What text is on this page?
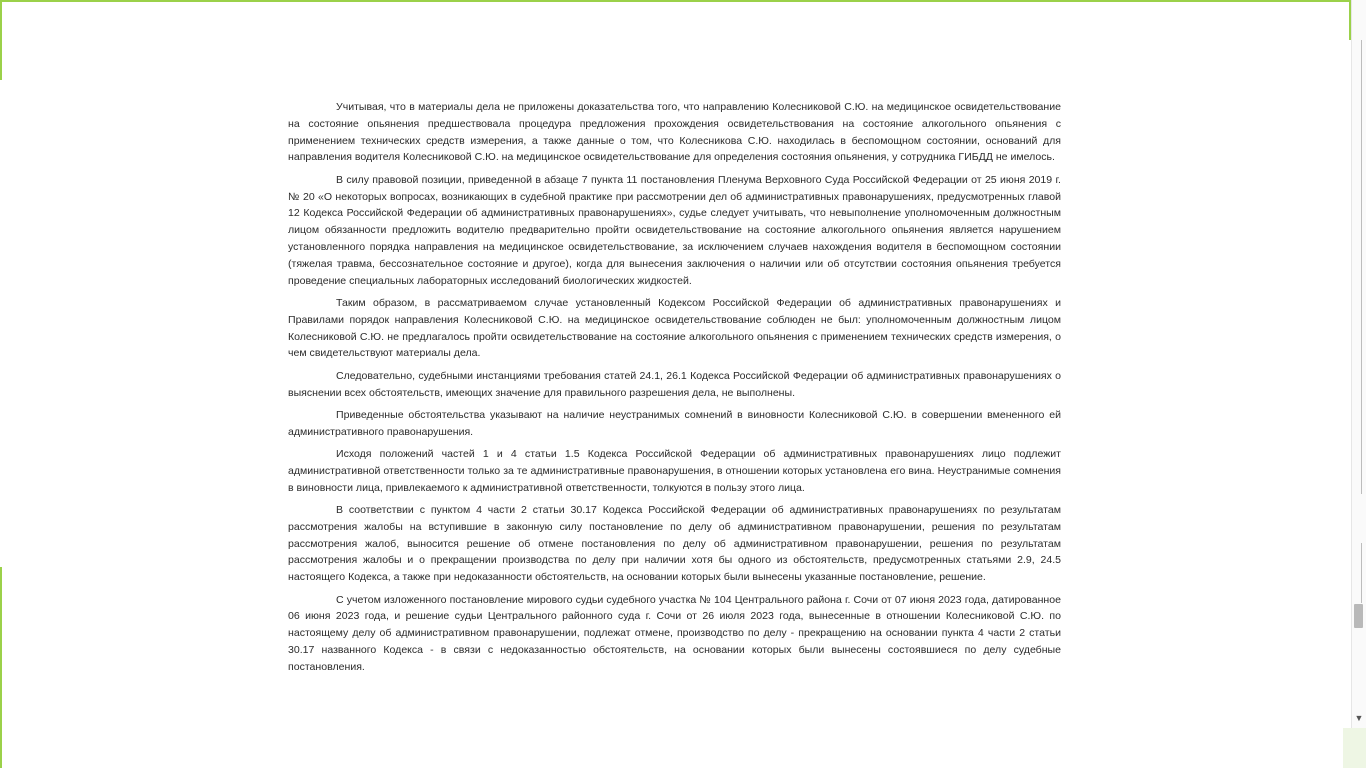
▼

Учитывая, что в материалы дела не приложены доказательства того, что направлению Колесниковой С.Ю. на медицинское освидетельствование на состояние опьянения предшествовала процедура предложения прохождения освидетельствования на состояние алкогольного опьянения с применением технических средств измерения, а также данные о том, что Колесникова С.Ю. находилась в беспомощном состоянии, оснований для направления водителя Колесниковой С.Ю. на медицинское освидетельствование для определения состояния опьянения, у сотрудника ГИБДД не имелось.

В силу правовой позиции, приведенной в абзаце 7 пункта 11 постановления Пленума Верховного Суда Российской Федерации от 25 июня 2019 г. № 20 «О некоторых вопросах, возникающих в судебной практике при рассмотрении дел об административных правонарушениях, предусмотренных главой 12 Кодекса Российской Федерации об административных правонарушениях», судье следует учитывать, что невыполнение уполномоченным должностным лицом обязанности предложить водителю предварительно пройти освидетельствование на состояние алкогольного опьянения является нарушением установленного порядка направления на медицинское освидетельствование, за исключением случаев нахождения водителя в беспомощном состоянии (тяжелая травма, бессознательное состояние и другое), когда для вынесения заключения о наличии или об отсутствии состояния опьянения требуется проведение специальных лабораторных исследований биологических жидкостей.

Таким образом, в рассматриваемом случае установленный Кодексом Российской Федерации об административных правонарушениях и Правилами порядок направления Колесниковой С.Ю. на медицинское освидетельствование соблюден не был: уполномоченным должностным лицом Колесниковой С.Ю. не предлагалось пройти освидетельствование на состояние алкогольного опьянения с применением технических средств измерения, о чем свидетельствуют материалы дела.

Следовательно, судебными инстанциями требования статей 24.1, 26.1 Кодекса Российской Федерации об административных правонарушениях о выяснении всех обстоятельств, имеющих значение для правильного разрешения дела, не выполнены.

Приведенные обстоятельства указывают на наличие неустранимых сомнений в виновности Колесниковой С.Ю. в совершении вмененного ей административного правонарушения.

Исходя положений частей 1 и 4 статьи 1.5 Кодекса Российской Федерации об административных правонарушениях лицо подлежит административной ответственности только за те административные правонарушения, в отношении которых установлена его вина. Неустранимые сомнения в виновности лица, привлекаемого к административной ответственности, толкуются в пользу этого лица.

В соответствии с пунктом 4 части 2 статьи 30.17 Кодекса Российской Федерации об административных правонарушениях по результатам рассмотрения жалобы на вступившие в законную силу постановление по делу об административном правонарушении, решения по результатам рассмотрения жалоб, выносится решение об отмене постановления по делу об административном правонарушении, решения по результатам рассмотрения жалобы и о прекращении производства по делу при наличии хотя бы одного из обстоятельств, предусмотренных статьями 2.9, 24.5 настоящего Кодекса, а также при недоказанности обстоятельств, на основании которых были вынесены указанные постановление, решение.

С учетом изложенного постановление мирового судьи судебного участка № 104 Центрального района г. Сочи от 07 июня 2023 года, датированное 06 июня 2023 года, и решение судьи Центрального районного суда г. Сочи от 26 июля 2023 года, вынесенные в отношении Колесниковой С.Ю. по настоящему делу об административном правонарушении, подлежат отмене, производство по делу - прекращению на основании пункта 4 части 2 статьи 30.17 названного Кодекса - в связи с недоказанностью обстоятельств, на основании которых были вынесены состоявшиеся по делу судебные постановления.
